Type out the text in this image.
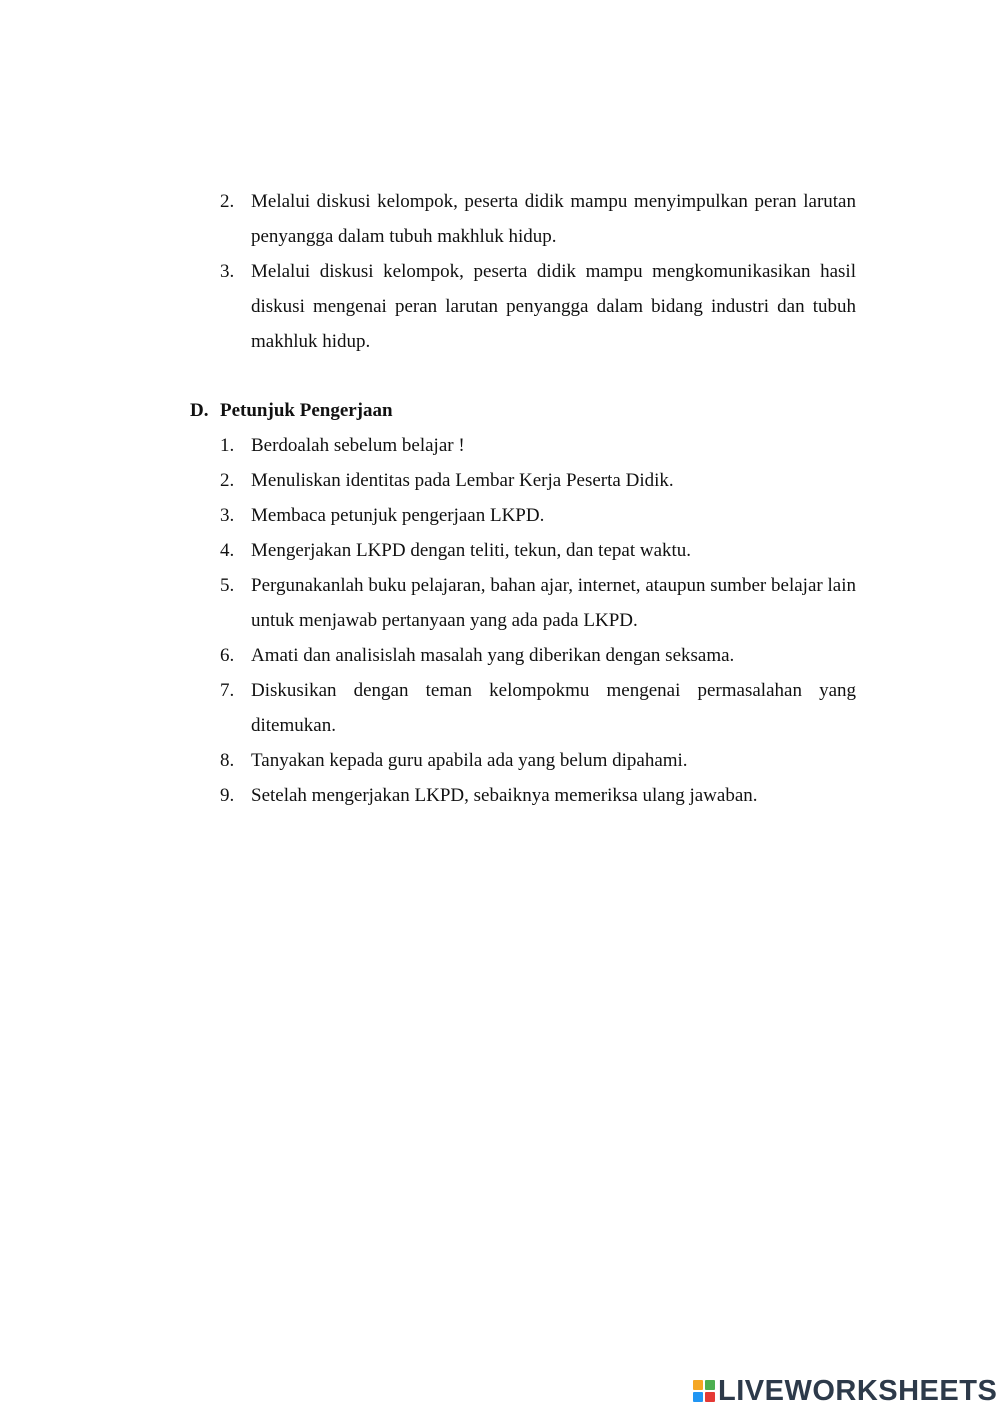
2. Melalui diskusi kelompok, peserta didik mampu menyimpulkan peran larutan penyangga dalam tubuh makhluk hidup.
3. Melalui diskusi kelompok, peserta didik mampu mengkomunikasikan hasil diskusi mengenai peran larutan penyangga dalam bidang industri dan tubuh makhluk hidup.
D. Petunjuk Pengerjaan
1. Berdoalah sebelum belajar !
2. Menuliskan identitas pada Lembar Kerja Peserta Didik.
3. Membaca petunjuk pengerjaan LKPD.
4. Mengerjakan LKPD dengan teliti, tekun, dan tepat waktu.
5. Pergunakanlah buku pelajaran, bahan ajar, internet, ataupun sumber belajar lain untuk menjawab pertanyaan yang ada pada LKPD.
6. Amati dan analisislah masalah yang diberikan dengan seksama.
7. Diskusikan dengan teman kelompokmu mengenai permasalahan yang ditemukan.
8. Tanyakan kepada guru apabila ada yang belum dipahami.
9. Setelah mengerjakan LKPD, sebaiknya memeriksa ulang jawaban.
LIVEWORKSHEETS
